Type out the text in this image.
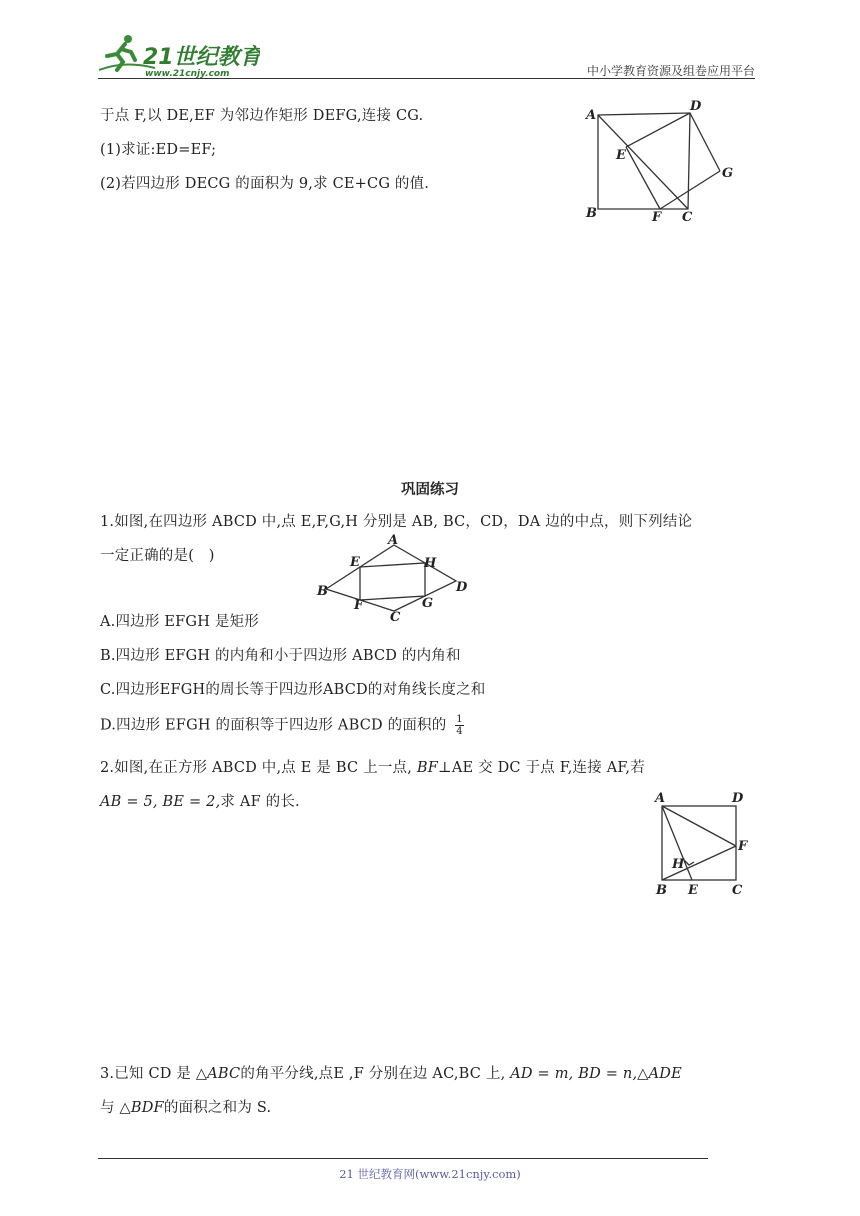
21世纪教育
www.21cnjy.com	中小学教育资源及组卷应用平台
于点 F,以 DE,EF 为邻边作矩形 DEFG,连接 CG.
(1)求证:ED=EF;
(2)若四边形 DECG 的面积为 9,求 CE+CG 的值.
A
D
E
G
B	F C
巩固练习
1.如图,在四边形 ABCD 中,点 E,F,G,H 分别是 AB, BC，CD，DA 边的中点，则下列结论
一定正确的是(　)
A
E	H
B	D
F	G
C
A.四边形 EFGH 是矩形
B.四边形 EFGH 的内角和小于四边形 ABCD 的内角和
C.四边形EFGH的周长等于四边形ABCD的对角线长度之和
D.四边形 EFGH 的面积等于四边形 ABCD 的面积的 $\frac{1}{4}$
2.如图,在正方形 ABCD 中,点 E 是 BC 上一点, BF⊥AE 交 DC 于点 F,连接 AF,若
AB = 5, BE = 2,求 AF 的长.	A	D
F
H
B E	C
3.已知 CD 是 △ABC的角平分线,点E ,F 分别在边 AC,BC 上, AD = m, BD = n,△ADE
与 △BDF的面积之和为 S.
21 世纪教育网(www.21cnjy.com)
